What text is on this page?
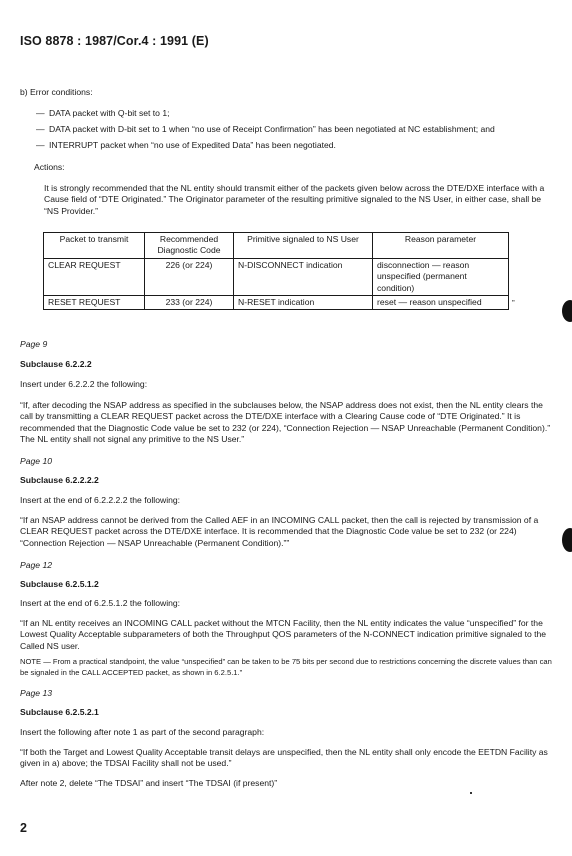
ISO 8878 : 1987/Cor.4 : 1991 (E)
b) Error conditions:
— DATA packet with Q-bit set to 1;
— DATA packet with D-bit set to 1 when “no use of Receipt Confirmation” has been negotiated at NC establishment; and
— INTERRUPT packet when “no use of Expedited Data” has been negotiated.
Actions:
It is strongly recommended that the NL entity should transmit either of the packets given below across the DTE/DXE interface with a Cause field of “DTE Originated.” The Originator parameter of the resulting primitive signaled to the NS User, in either case, shall be “NS Provider.”
Packet to transmit	Recommended Diagnostic Code	Primitive signaled to NS User	Reason parameter
CLEAR REQUEST	226 (or 224)	N-DISCONNECT indication	disconnection — reason unspecified (permanent condition)
RESET REQUEST	233 (or 224)	N-RESET indication	reset — reason unspecified	”
Page 9
Subclause 6.2.2.2
Insert under 6.2.2.2 the following:
“If, after decoding the NSAP address as specified in the subclauses below, the NSAP address does not exist, then the NL entity clears the call by transmitting a CLEAR REQUEST packet across the DTE/DXE interface with a Clearing Cause code of “DTE Originated.” It is recommended that the Diagnostic Code value be set to 232 (or 224), “Connection Rejection — NSAP Unreachable (Permanent Condition).” The NL entity shall not signal any primitive to the NS User.”
Page 10
Subclause 6.2.2.2.2
Insert at the end of 6.2.2.2.2 the following:
“If an NSAP address cannot be derived from the Called AEF in an INCOMING CALL packet, then the call is rejected by transmission of a CLEAR REQUEST packet across the DTE/DXE interface. It is recommended that the Diagnostic Code value be set to 232 (or 224) “Connection Rejection — NSAP Unreachable (Permanent Condition).””
Page 12
Subclause 6.2.5.1.2
Insert at the end of 6.2.5.1.2 the following:
“If an NL entity receives an INCOMING CALL packet without the MTCN Facility, then the NL entity indicates the value “unspecified” for the Lowest Quality Acceptable subparameters of both the Throughput QOS parameters of the N-CONNECT indication primitive signaled to the Called NS user.
NOTE — From a practical standpoint, the value “unspecified” can be taken to be 75 bits per second due to restrictions concerning the discrete values than can be signaled in the CALL ACCEPTED packet, as shown in 6.2.5.1.”
Page 13
Subclause 6.2.5.2.1
Insert the following after note 1 as part of the second paragraph:
“If both the Target and Lowest Quality Acceptable transit delays are unspecified, then the NL entity shall only encode the EETDN Facility as given in a) above; the TDSAI Facility shall not be used.”
After note 2, delete “The TDSAI” and insert “The TDSAI (if present)”
2
